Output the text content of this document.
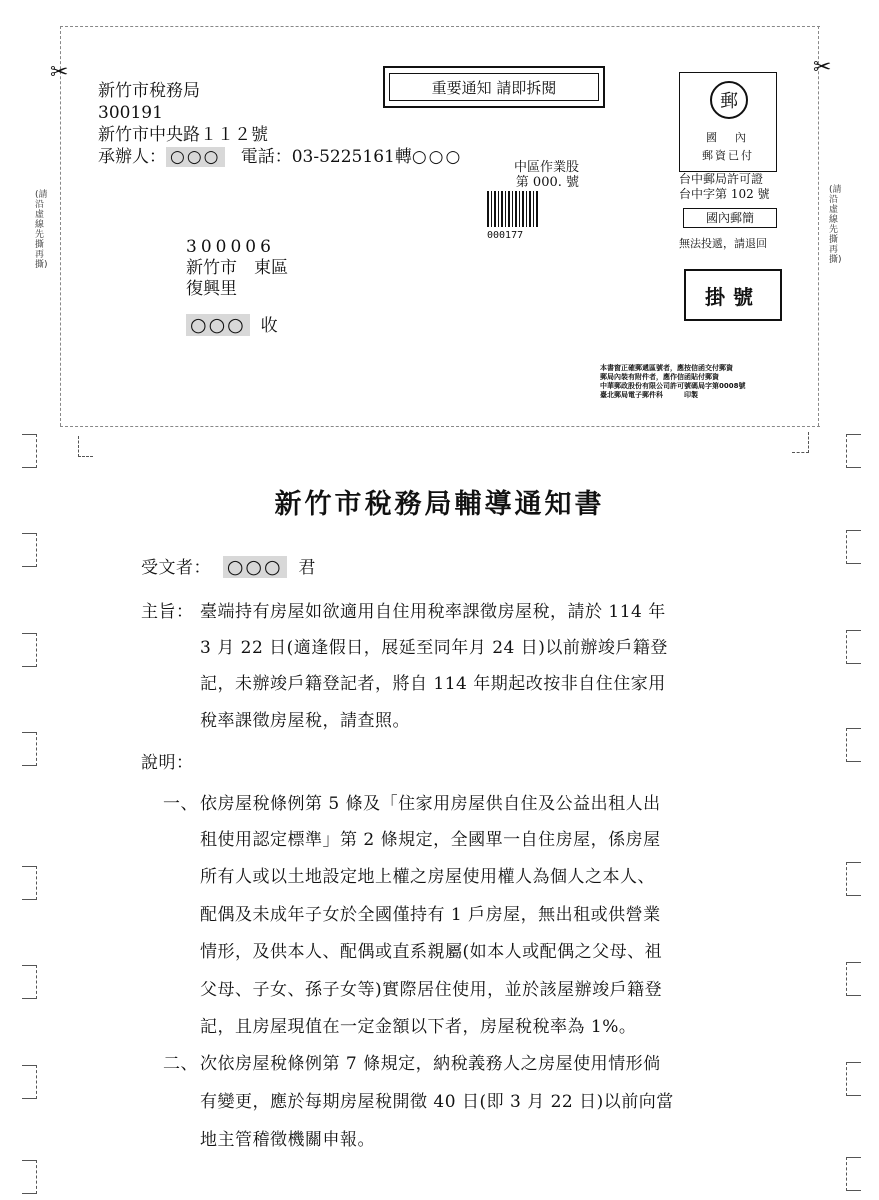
✂	✂
(請沿虛線先撕再撕)
(請沿虛線先撕再撕)
新竹市稅務局
300191
新竹市中央路１１２號
承辦人： ○○○ 電話：03-5225161轉○○○
重要通知 請即拆閱
中區作業股
第 000. 號
000177
郵
國內
郵資已付
台中郵局許可證
台中字第 102 號
國內郵簡
無法投遞，請退回
掛號
本書窗正確郵遞區號者，應按信函交付郵資
郵局內裝有附件者，應作信函貼付郵資
中華郵政股份有限公司許可號碼局字第0008號
臺北郵局電子郵件科　　　印製
300006
新竹市　東區
復興里
○○○ 收
新竹市稅務局輔導通知書
受文者： ○○○ 君
主旨： 臺端持有房屋如欲適用自住用稅率課徵房屋稅，請於 114 年
3 月 22 日(適逢假日，展延至同年月 24 日)以前辦竣戶籍登
記，未辦竣戶籍登記者，將自 114 年期起改按非自住住家用
稅率課徵房屋稅，請查照。
說明：
一、 依房屋稅條例第 5 條及「住家用房屋供自住及公益出租人出
租使用認定標準」第 2 條規定，全國單一自住房屋，係房屋
所有人或以土地設定地上權之房屋使用權人為個人之本人、
配偶及未成年子女於全國僅持有 1 戶房屋，無出租或供營業
情形，及供本人、配偶或直系親屬(如本人或配偶之父母、祖
父母、子女、孫子女等)實際居住使用，並於該屋辦竣戶籍登
記，且房屋現值在一定金額以下者，房屋稅稅率為 1%。
二、 次依房屋稅條例第 7 條規定，納稅義務人之房屋使用情形倘
有變更，應於每期房屋稅開徵 40 日(即 3 月 22 日)以前向當
地主管稽徵機關申報。
